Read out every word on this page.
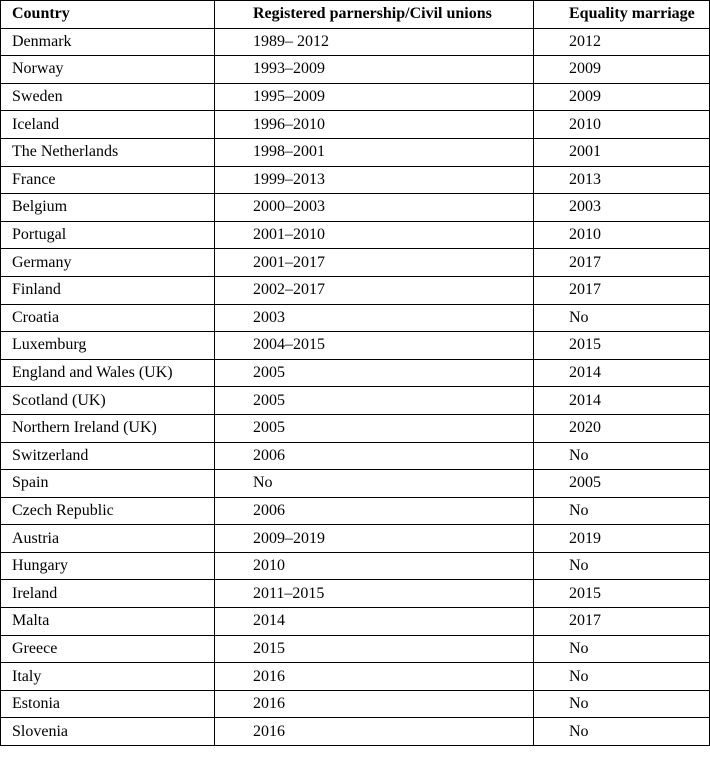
Country	Registered parnership/Civil unions	Equality marriage
Denmark	1989– 2012	2012
Norway	1993–2009	2009
Sweden	1995–2009	2009
Iceland	1996–2010	2010
The Netherlands	1998–2001	2001
France	1999–2013	2013
Belgium	2000–2003	2003
Portugal	2001–2010	2010
Germany	2001–2017	2017
Finland	2002–2017	2017
Croatia	2003	No
Luxemburg	2004–2015	2015
England and Wales (UK)	2005	2014
Scotland (UK)	2005	2014
Northern Ireland (UK)	2005	2020
Switzerland	2006	No
Spain	No	2005
Czech Republic	2006	No
Austria	2009–2019	2019
Hungary	2010	No
Ireland	2011–2015	2015
Malta	2014	2017
Greece	2015	No
Italy	2016	No
Estonia	2016	No
Slovenia	2016	No
